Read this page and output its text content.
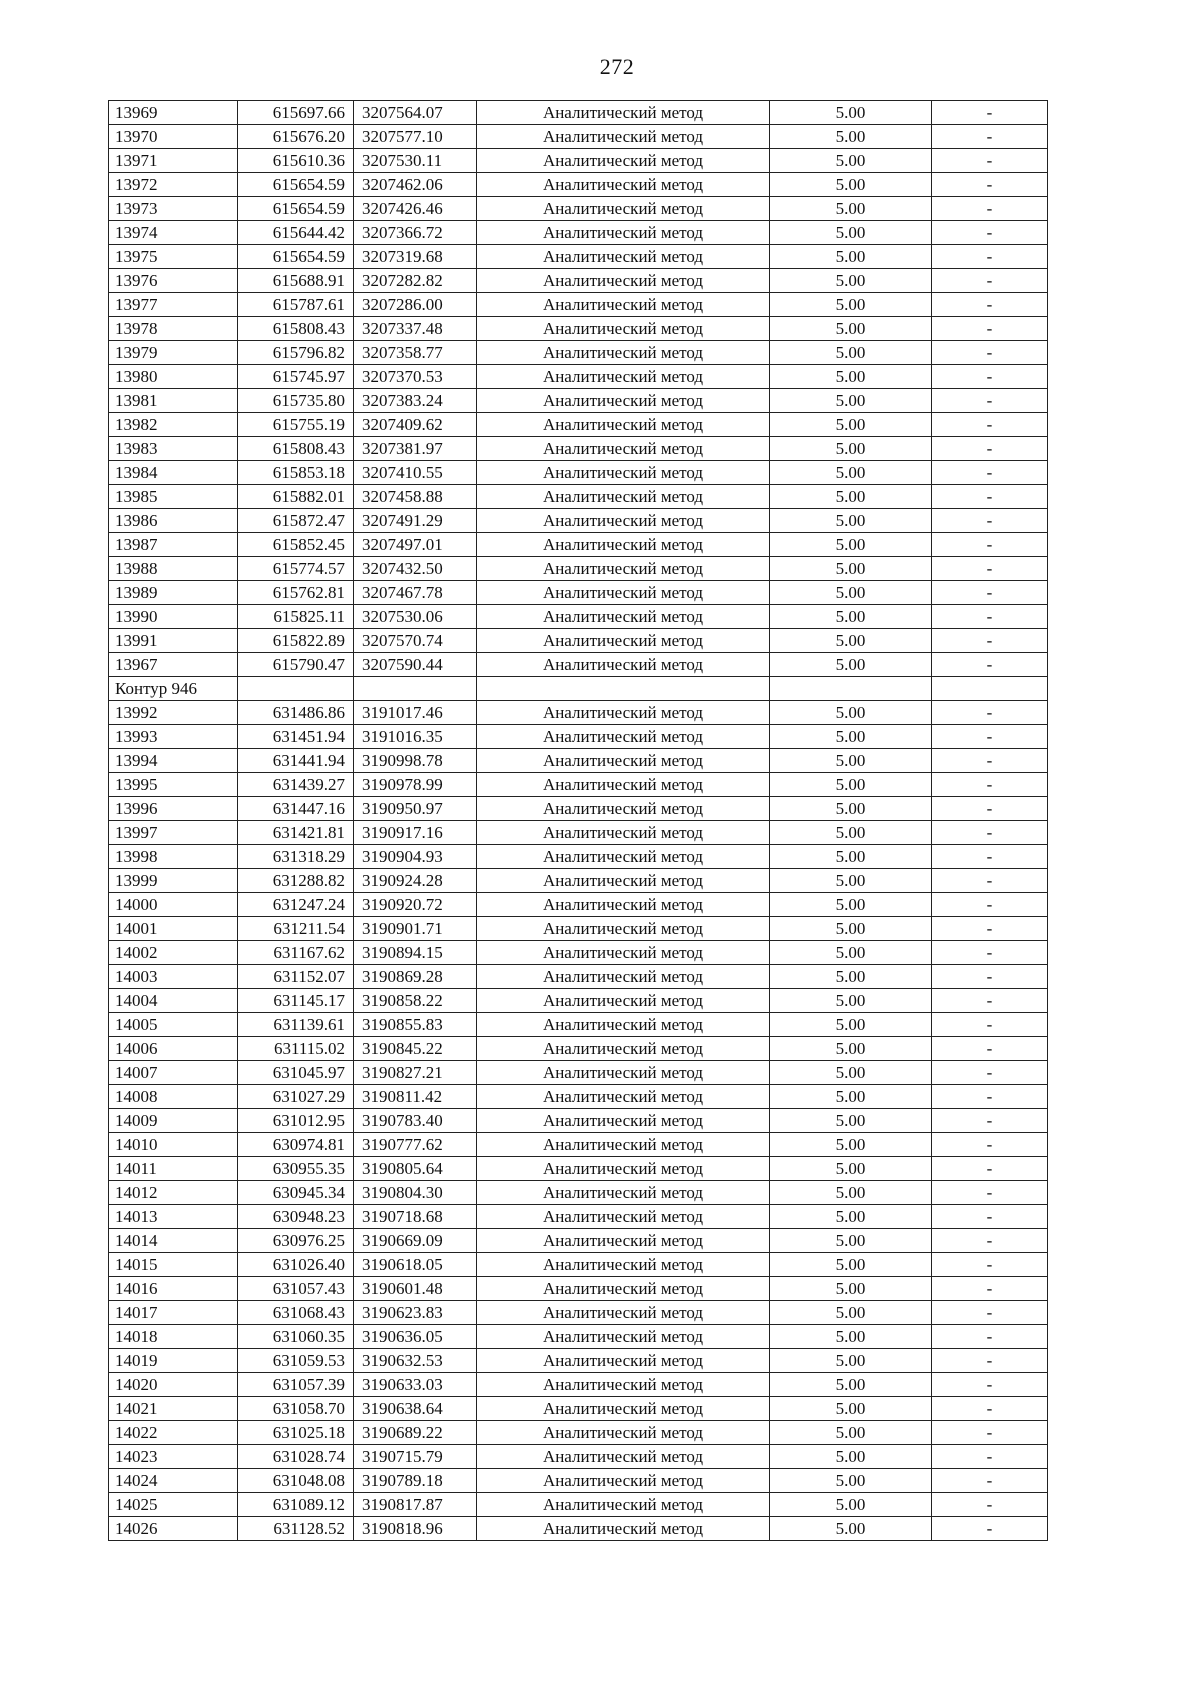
272
13969	615697.66	3207564.07	Аналитический метод	5.00	-
13970	615676.20	3207577.10	Аналитический метод	5.00	-
13971	615610.36	3207530.11	Аналитический метод	5.00	-
13972	615654.59	3207462.06	Аналитический метод	5.00	-
13973	615654.59	3207426.46	Аналитический метод	5.00	-
13974	615644.42	3207366.72	Аналитический метод	5.00	-
13975	615654.59	3207319.68	Аналитический метод	5.00	-
13976	615688.91	3207282.82	Аналитический метод	5.00	-
13977	615787.61	3207286.00	Аналитический метод	5.00	-
13978	615808.43	3207337.48	Аналитический метод	5.00	-
13979	615796.82	3207358.77	Аналитический метод	5.00	-
13980	615745.97	3207370.53	Аналитический метод	5.00	-
13981	615735.80	3207383.24	Аналитический метод	5.00	-
13982	615755.19	3207409.62	Аналитический метод	5.00	-
13983	615808.43	3207381.97	Аналитический метод	5.00	-
13984	615853.18	3207410.55	Аналитический метод	5.00	-
13985	615882.01	3207458.88	Аналитический метод	5.00	-
13986	615872.47	3207491.29	Аналитический метод	5.00	-
13987	615852.45	3207497.01	Аналитический метод	5.00	-
13988	615774.57	3207432.50	Аналитический метод	5.00	-
13989	615762.81	3207467.78	Аналитический метод	5.00	-
13990	615825.11	3207530.06	Аналитический метод	5.00	-
13991	615822.89	3207570.74	Аналитический метод	5.00	-
13967	615790.47	3207590.44	Аналитический метод	5.00	-
Контур 946					
13992	631486.86	3191017.46	Аналитический метод	5.00	-
13993	631451.94	3191016.35	Аналитический метод	5.00	-
13994	631441.94	3190998.78	Аналитический метод	5.00	-
13995	631439.27	3190978.99	Аналитический метод	5.00	-
13996	631447.16	3190950.97	Аналитический метод	5.00	-
13997	631421.81	3190917.16	Аналитический метод	5.00	-
13998	631318.29	3190904.93	Аналитический метод	5.00	-
13999	631288.82	3190924.28	Аналитический метод	5.00	-
14000	631247.24	3190920.72	Аналитический метод	5.00	-
14001	631211.54	3190901.71	Аналитический метод	5.00	-
14002	631167.62	3190894.15	Аналитический метод	5.00	-
14003	631152.07	3190869.28	Аналитический метод	5.00	-
14004	631145.17	3190858.22	Аналитический метод	5.00	-
14005	631139.61	3190855.83	Аналитический метод	5.00	-
14006	631115.02	3190845.22	Аналитический метод	5.00	-
14007	631045.97	3190827.21	Аналитический метод	5.00	-
14008	631027.29	3190811.42	Аналитический метод	5.00	-
14009	631012.95	3190783.40	Аналитический метод	5.00	-
14010	630974.81	3190777.62	Аналитический метод	5.00	-
14011	630955.35	3190805.64	Аналитический метод	5.00	-
14012	630945.34	3190804.30	Аналитический метод	5.00	-
14013	630948.23	3190718.68	Аналитический метод	5.00	-
14014	630976.25	3190669.09	Аналитический метод	5.00	-
14015	631026.40	3190618.05	Аналитический метод	5.00	-
14016	631057.43	3190601.48	Аналитический метод	5.00	-
14017	631068.43	3190623.83	Аналитический метод	5.00	-
14018	631060.35	3190636.05	Аналитический метод	5.00	-
14019	631059.53	3190632.53	Аналитический метод	5.00	-
14020	631057.39	3190633.03	Аналитический метод	5.00	-
14021	631058.70	3190638.64	Аналитический метод	5.00	-
14022	631025.18	3190689.22	Аналитический метод	5.00	-
14023	631028.74	3190715.79	Аналитический метод	5.00	-
14024	631048.08	3190789.18	Аналитический метод	5.00	-
14025	631089.12	3190817.87	Аналитический метод	5.00	-
14026	631128.52	3190818.96	Аналитический метод	5.00	-
